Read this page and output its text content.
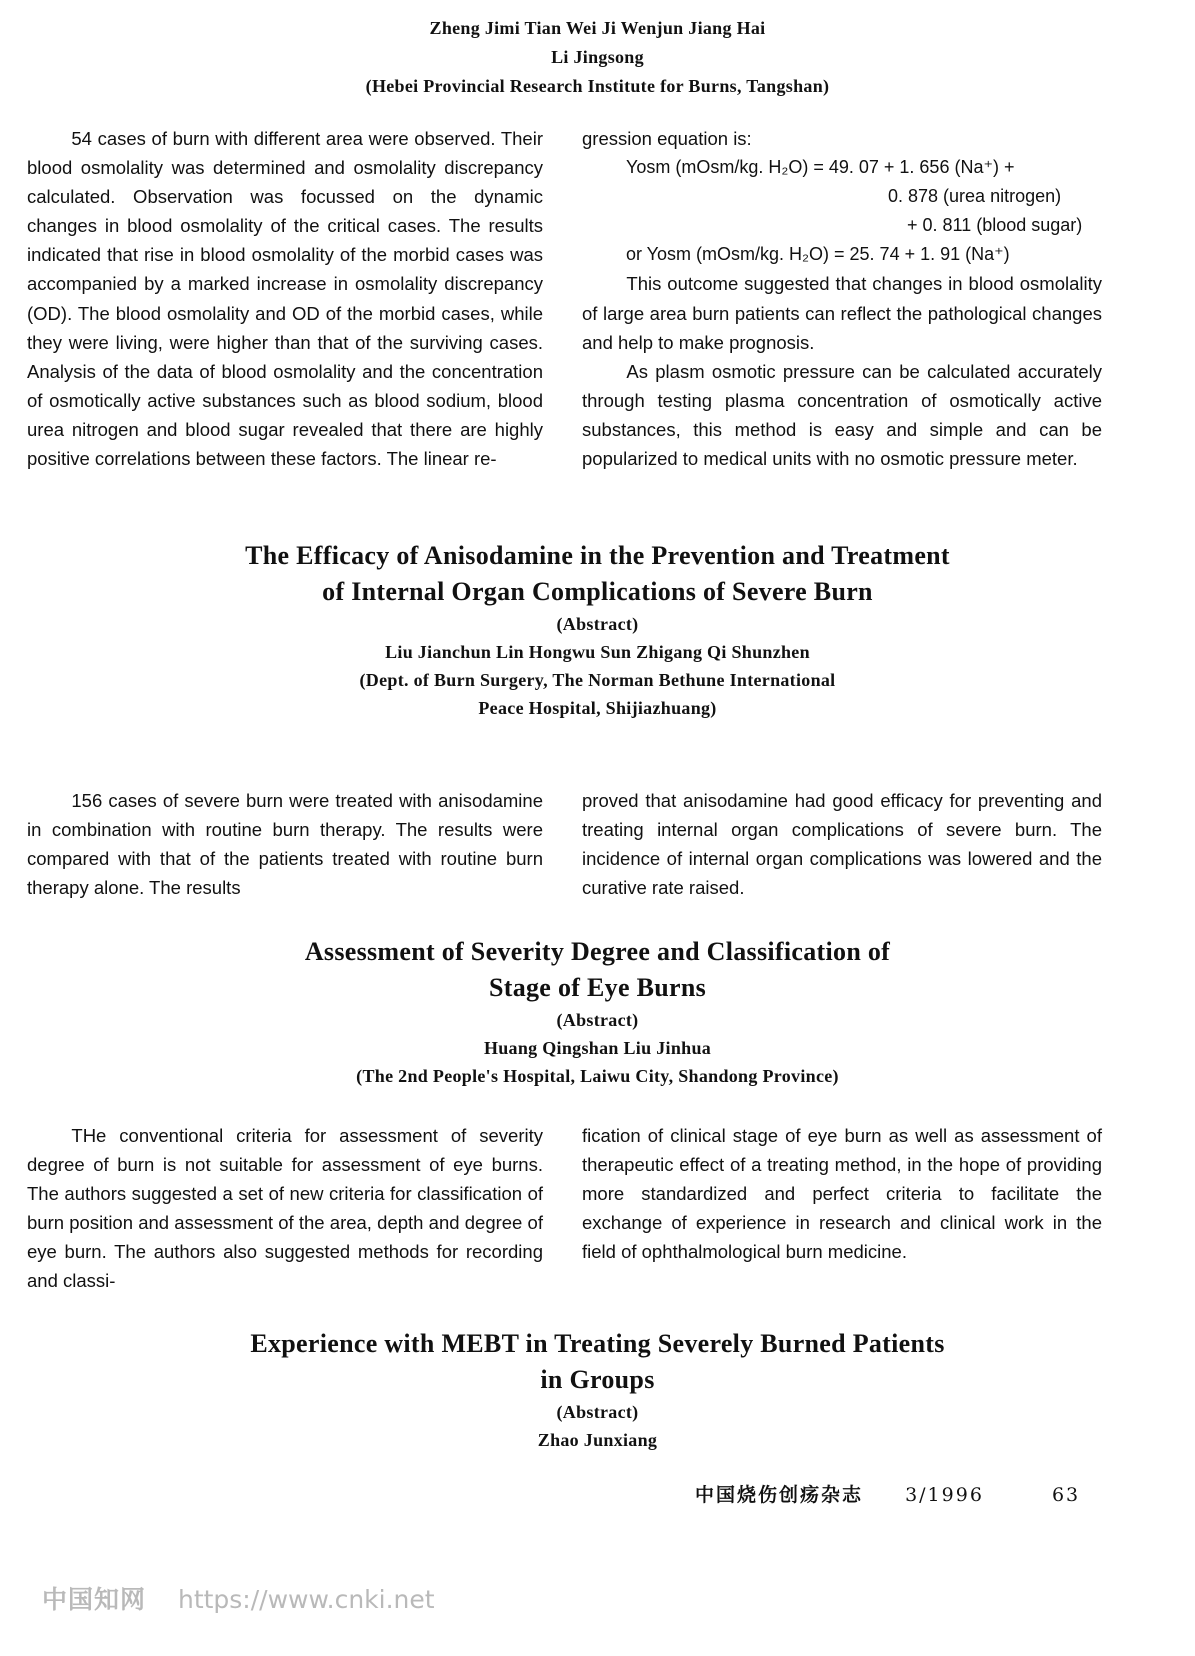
Zheng Jimi Tian Wei Ji Wenjun Jiang Hai
Li Jingsong
(Hebei Provincial Research Institute for Burns, Tangshan)

54 cases of burn with different area were observed. Their blood osmolality was determined and osmolality discrepancy calculated. Observation was focussed on the dynamic changes in blood osmolality of the critical cases. The results indicated that rise in blood osmolality of the morbid cases was accompanied by a marked increase in osmolality discrepancy (OD). The blood osmolality and OD of the morbid cases, while they were living, were higher than that of the surviving cases. Analysis of the data of blood osmolality and the concentration of osmotically active substances such as blood sodium, blood urea nitrogen and blood sugar revealed that there are highly positive correlations between these factors. The linear re-

gression equation is:

Yosm (mOsm/kg. H₂O) = 49. 07 + 1. 656 (Na⁺) +
0. 878 (urea nitrogen)
+ 0. 811 (blood sugar)
or Yosm (mOsm/kg. H₂O) = 25. 74 + 1. 91 (Na⁺)

This outcome suggested that changes in blood osmolality of large area burn patients can reflect the pathological changes and help to make prognosis.

As plasm osmotic pressure can be calculated accurately through testing plasma concentration of osmotically active substances, this method is easy and simple and can be popularized to medical units with no osmotic pressure meter.

The Efficacy of Anisodamine in the Prevention and Treatment
of Internal Organ Complications of Severe Burn
(Abstract)
Liu Jianchun Lin Hongwu Sun Zhigang Qi Shunzhen
(Dept. of Burn Surgery, The Norman Bethune International
Peace Hospital, Shijiazhuang)

156 cases of severe burn were treated with anisodamine in combination with routine burn therapy. The results were compared with that of the patients treated with routine burn therapy alone. The results

proved that anisodamine had good efficacy for preventing and treating internal organ complications of severe burn. The incidence of internal organ complications was lowered and the curative rate raised.

Assessment of Severity Degree and Classification of
Stage of Eye Burns
(Abstract)
Huang Qingshan Liu Jinhua
(The 2nd People's Hospital, Laiwu City, Shandong Province)

THe conventional criteria for assessment of severity degree of burn is not suitable for assessment of eye burns. The authors suggested a set of new criteria for classification of burn position and assessment of the area, depth and degree of eye burn. The authors also suggested methods for recording and classi-

fication of clinical stage of eye burn as well as assessment of therapeutic effect of a treating method, in the hope of providing more standardized and perfect criteria to facilitate the exchange of experience in research and clinical work in the field of ophthalmological burn medicine.

Experience with MEBT in Treating Severely Burned Patients
in Groups
(Abstract)
Zhao Junxiang
中国烧伤创疡杂志 3/1996	63
中国知网 https://www.cnki.net
